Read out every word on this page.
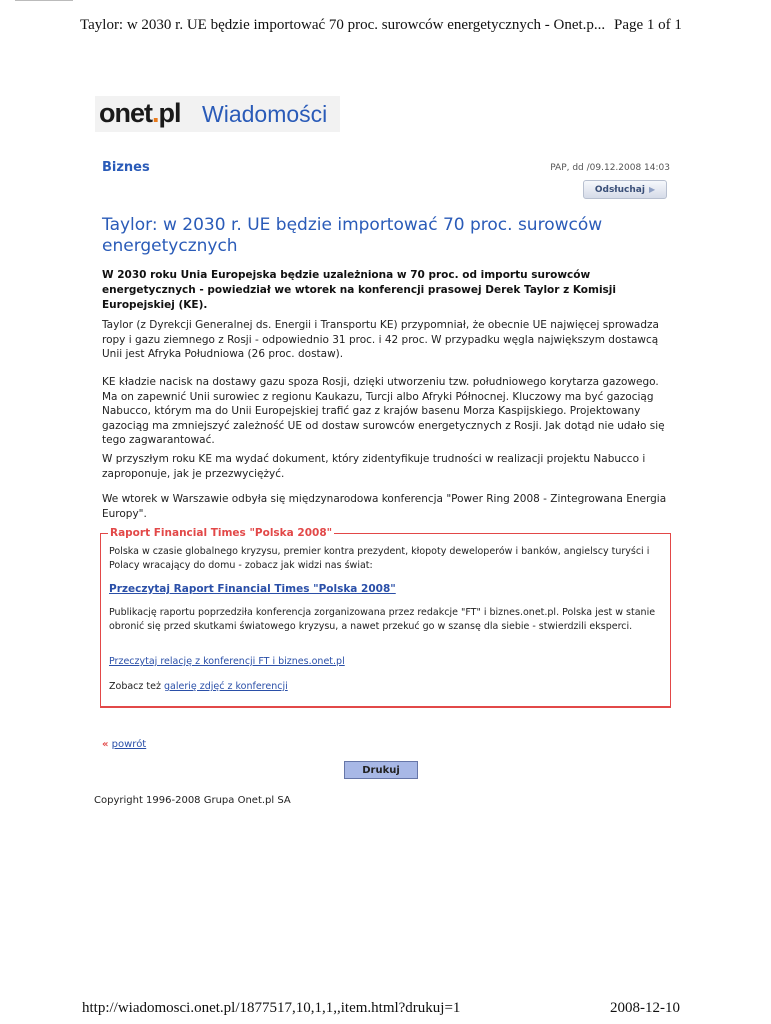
Taylor: w 2030 r. UE będzie importować 70 proc. surowców energetycznych - Onet.p... Page 1 of 1
onet.pl Wiadomości
Biznes	PAP, dd /09.12.2008 14:03
Odsłuchaj ▶
Taylor: w 2030 r. UE będzie importować 70 proc. surowców energetycznych

W 2030 roku Unia Europejska będzie uzależniona w 70 proc. od importu surowców energetycznych - powiedział we wtorek na konferencji prasowej Derek Taylor z Komisji Europejskiej (KE).

Taylor (z Dyrekcji Generalnej ds. Energii i Transportu KE) przypomniał, że obecnie UE najwięcej sprowadza ropy i gazu ziemnego z Rosji - odpowiednio 31 proc. i 42 proc. W przypadku węgla największym dostawcą Unii jest Afryka Południowa (26 proc. dostaw).

KE kładzie nacisk na dostawy gazu spoza Rosji, dzięki utworzeniu tzw. południowego korytarza gazowego. Ma on zapewnić Unii surowiec z regionu Kaukazu, Turcji albo Afryki Północnej. Kluczowy ma być gazociąg Nabucco, którym ma do Unii Europejskiej trafić gaz z krajów basenu Morza Kaspijskiego. Projektowany gazociąg ma zmniejszyć zależność UE od dostaw surowców energetycznych z Rosji. Jak dotąd nie udało się tego zagwarantować.

W przyszłym roku KE ma wydać dokument, który zidentyfikuje trudności w realizacji projektu Nabucco i zaproponuje, jak je przezwyciężyć.

We wtorek w Warszawie odbyła się międzynarodowa konferencja "Power Ring 2008 - Zintegrowana Energia Europy".

Polska w czasie globalnego kryzysu, premier kontra prezydent, kłopoty deweloperów i banków, angielscy turyści i Polacy wracający do domu - zobacz jak widzi nas świat:

Przeczytaj Raport Financial Times "Polska 2008"

Publikację raportu poprzedziła konferencja zorganizowana przez redakcje "FT" i biznes.onet.pl. Polska jest w stanie obronić się przed skutkami światowego kryzysu, a nawet przekuć go w szansę dla siebie - stwierdzili eksperci.

Przeczytaj relację z konferencji FT i biznes.onet.pl

Zobacz też galerię zdjęć z konferencji

Raport Financial Times "Polska 2008"
« powrót
Drukuj
Copyright 1996-2008 Grupa Onet.pl SA
http://wiadomosci.onet.pl/1877517,10,1,1,,item.html?drukuj=1	2008-12-10
